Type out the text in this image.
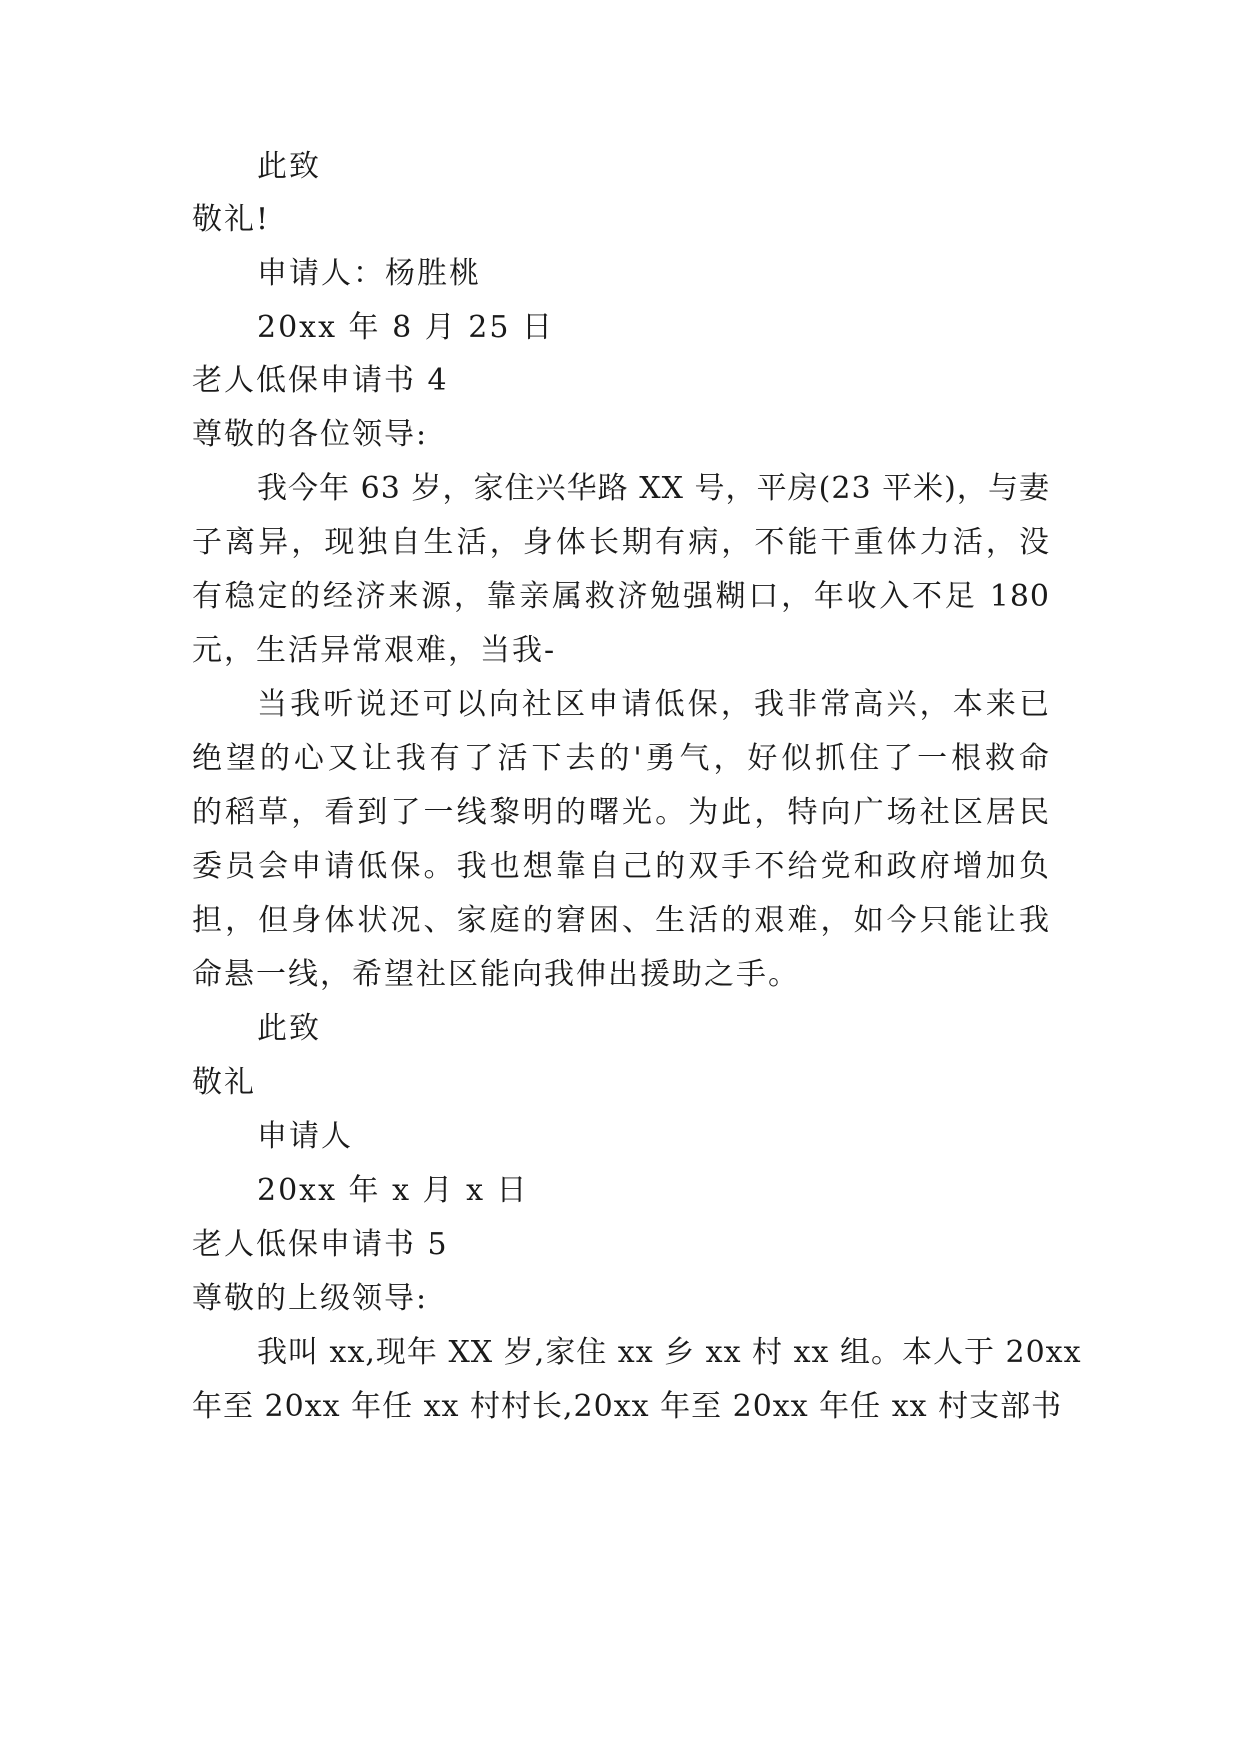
此致
敬礼!
申请人：杨胜桃
20xx 年 8 月 25 日
老人低保申请书 4
尊敬的各位领导:
我今年 63 岁，家住兴华路 XX 号，平房(23 平米)，与妻
子离异，现独自生活，身体长期有病，不能干重体力活，没
有稳定的经济来源，靠亲属救济勉强糊口，年收入不足 180
元，生活异常艰难，当我-
当我听说还可以向社区申请低保，我非常高兴，本来已
绝望的心又让我有了活下去的'勇气，好似抓住了一根救命
的稻草，看到了一线黎明的曙光。为此，特向广场社区居民
委员会申请低保。我也想靠自己的双手不给党和政府增加负
担，但身体状况、家庭的窘困、生活的艰难，如今只能让我
命悬一线，希望社区能向我伸出援助之手。
此致
敬礼
申请人
20xx 年 x 月 x 日
老人低保申请书 5
尊敬的上级领导:
我叫 xx,现年 XX 岁,家住 xx 乡 xx 村 xx 组。本人于 20xx
年至 20xx 年任 xx 村村长,20xx 年至 20xx 年任 xx 村支部书
